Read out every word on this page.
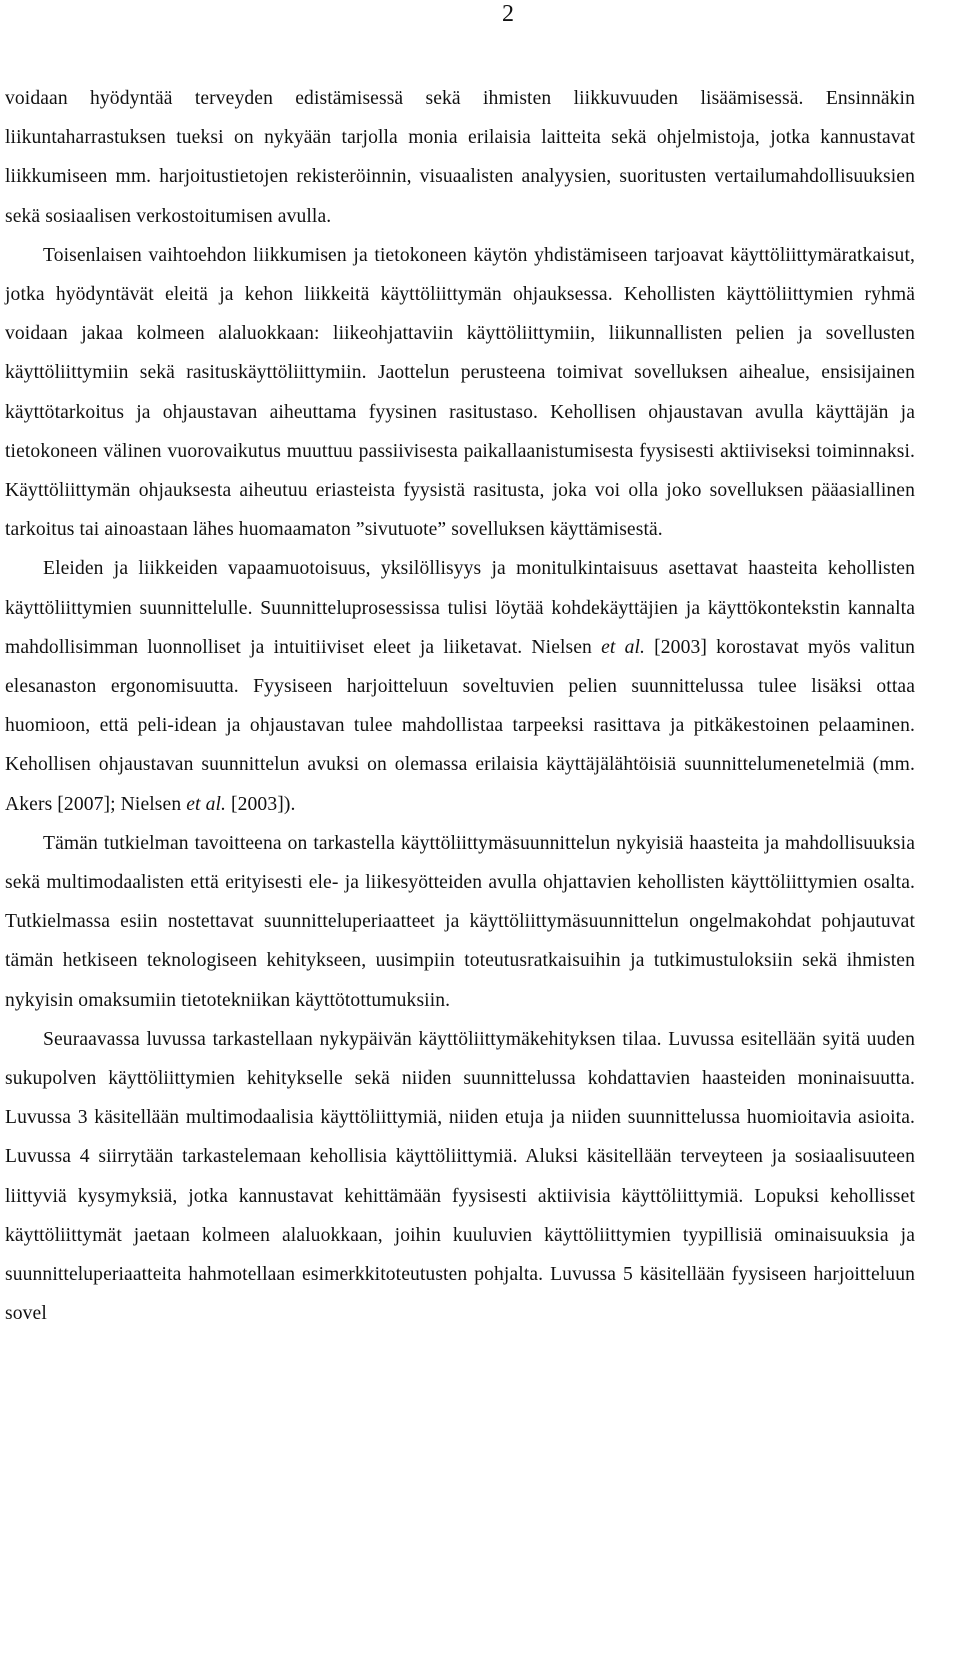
2

voidaan hyödyntää terveyden edistämisessä sekä ihmisten liikkuvuuden lisäämisessä. Ensinnäkin liikuntaharrastuksen tueksi on nykyään tarjolla monia erilaisia laitteita sekä ohjelmistoja, jotka kannustavat liikkumiseen mm. harjoitustietojen rekisteröinnin, visuaalisten analyysien, suoritusten vertailumahdollisuuksien sekä sosiaalisen verkostoitumisen avulla.

Toisenlaisen vaihtoehdon liikkumisen ja tietokoneen käytön yhdistämiseen tarjoavat käyttöliittymäratkaisut, jotka hyödyntävät eleitä ja kehon liikkeitä käyttöliittymän ohjauksessa. Kehollisten käyttöliittymien ryhmä voidaan jakaa kolmeen alaluokkaan: liikeohjattaviin käyttöliittymiin, liikunnallisten pelien ja sovellusten käyttöliittymiin sekä rasituskäyttöliittymiin. Jaottelun perusteena toimivat sovelluksen aihealue, ensisijainen käyttötarkoitus ja ohjaustavan aiheuttama fyysinen rasitustaso. Kehollisen ohjaustavan avulla käyttäjän ja tietokoneen välinen vuorovaikutus muuttuu passiivisesta paikallaanistumisesta fyysisesti aktiiviseksi toiminnaksi. Käyttöliittymän ohjauksesta aiheutuu eriasteista fyysistä rasitusta, joka voi olla joko sovelluksen pääasiallinen tarkoitus tai ainoastaan lähes huomaamaton ”sivutuote” sovelluksen käyttämisestä.

Eleiden ja liikkeiden vapaamuotoisuus, yksilöllisyys ja monitulkintaisuus asettavat haasteita kehollisten käyttöliittymien suunnittelulle. Suunnitteluprosessissa tulisi löytää kohdekäyttäjien ja käyttökontekstin kannalta mahdollisimman luonnolliset ja intuitiiviset eleet ja liiketavat. Nielsen et al. [2003] korostavat myös valitun elesanaston ergonomisuutta. Fyysiseen harjoitteluun soveltuvien pelien suunnittelussa tulee lisäksi ottaa huomioon, että peli-idean ja ohjaustavan tulee mahdollistaa tarpeeksi rasittava ja pitkäkestoinen pelaaminen. Kehollisen ohjaustavan suunnittelun avuksi on olemassa erilaisia käyttäjälähtöisiä suunnittelumenetelmiä (mm. Akers [2007]; Nielsen et al. [2003]).

Tämän tutkielman tavoitteena on tarkastella käyttöliittymäsuunnittelun nykyisiä haasteita ja mahdollisuuksia sekä multimodaalisten että erityisesti ele- ja liikesyötteiden avulla ohjattavien kehollisten käyttöliittymien osalta. Tutkielmassa esiin nostettavat suunnitteluperiaatteet ja käyttöliittymäsuunnittelun ongelmakohdat pohjautuvat tämän hetkiseen teknologiseen kehitykseen, uusimpiin toteutusratkaisuihin ja tutkimustuloksiin sekä ihmisten nykyisin omaksumiin tietotekniikan käyttötottumuksiin.

Seuraavassa luvussa tarkastellaan nykypäivän käyttöliittymäkehityksen tilaa. Luvussa esitellään syitä uuden sukupolven käyttöliittymien kehitykselle sekä niiden suunnittelussa kohdattavien haasteiden moninaisuutta. Luvussa 3 käsitellään multimodaalisia käyttöliittymiä, niiden etuja ja niiden suunnittelussa huomioitavia asioita. Luvussa 4 siirrytään tarkastelemaan kehollisia käyttöliittymiä. Aluksi käsitellään terveyteen ja sosiaalisuuteen liittyviä kysymyksiä, jotka kannustavat kehittämään fyysisesti aktiivisia käyttöliittymiä. Lopuksi kehollisset käyttöliittymät jaetaan kolmeen alaluokkaan, joihin kuuluvien käyttöliittymien tyypillisiä ominaisuuksia ja suunnitteluperiaatteita hahmotellaan esimerkkitoteutusten pohjalta. Luvussa 5 käsitellään fyysiseen harjoitteluun sovel
